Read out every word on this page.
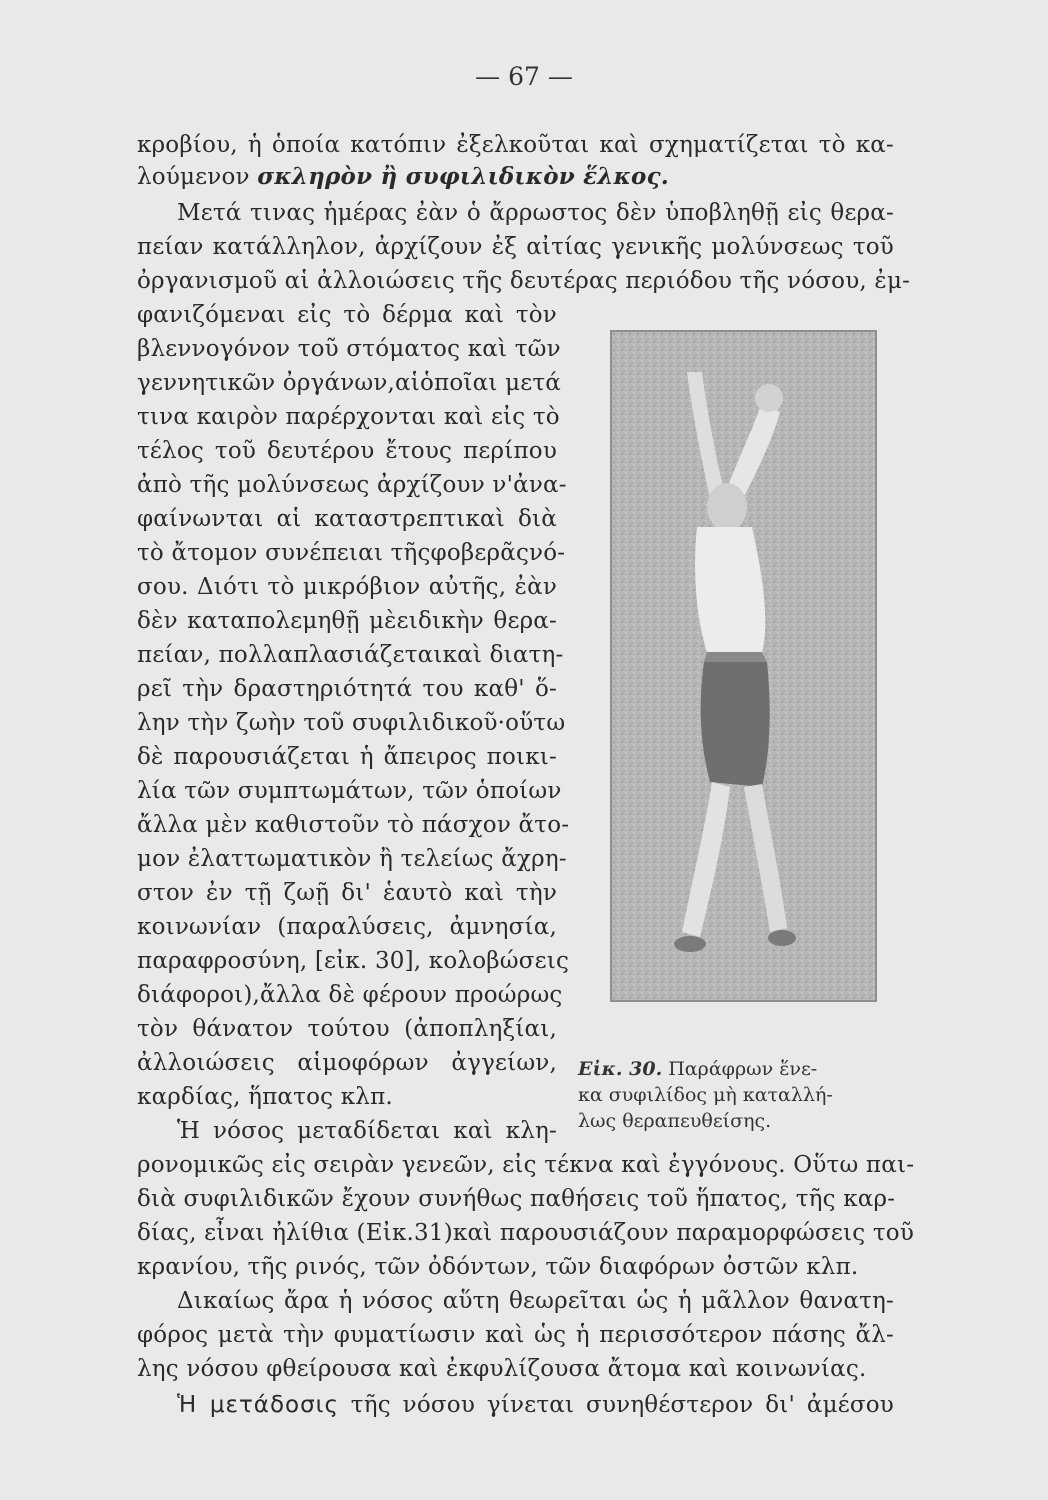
— 67 —
κροβίου, ἡ ὁποία κατόπιν ἐξελκοῦται καὶ σχηματίζεται τὸ κα-
λούμενον σκληρὸν ἢ συφιλιδικὸν ἕλκος.
Μετά τινας ἡμέρας ἐὰν ὁ ἄρρωστος δὲν ὑποβληθῇ εἰς θερα-
πείαν κατάλληλον, ἀρχίζουν ἐξ αἰτίας γενικῆς μολύνσεως τοῦ
ὀργανισμοῦ αἱ ἀλλοιώσεις τῆς δευτέρας περιόδου τῆς νόσου, ἐμ-
φανιζόμεναι εἰς τὸ δέρμα καὶ τὸν
βλεννογόνον τοῦ στόματος καὶ τῶν
γεννητικῶν ὀργάνων,αἱὁποῖαι μετά
τινα καιρὸν παρέρχονται καὶ εἰς τὸ
τέλος τοῦ δευτέρου ἔτους περίπου
ἀπὸ τῆς μολύνσεως ἀρχίζουν ν'ἀνα-
φαίνωνται αἱ καταστρεπτικαὶ διὰ
τὸ ἄτομον συνέπειαι τῆςφοβερᾶςνό-
σου. Διότι τὸ μικρόβιον αὐτῆς, ἐὰν
δὲν καταπολεμηθῇ μὲειδικὴν θερα-
πείαν, πολλαπλασιάζεταικαὶ διατη-
ρεῖ τὴν δραστηριότητά του καθ' ὅ-
λην τὴν ζωὴν τοῦ συφιλιδικοῦ·οὕτω
δὲ παρουσιάζεται ἡ ἄπειρος ποικι-
λία τῶν συμπτωμάτων, τῶν ὁποίων
ἄλλα μὲν καθιστοῦν τὸ πάσχον ἄτο-
μον ἐλαττωματικὸν ἢ τελείως ἄχρη-
στον ἐν τῇ ζωῇ δι' ἑαυτὸ καὶ τὴν
κοινωνίαν (παραλύσεις, ἀμνησία,
παραφροσύνη, [εἰκ. 30], κολοβώσεις
διάφοροι),ἄλλα δὲ φέρουν προώρως
τὸν θάνατον τούτου (ἀποπληξίαι,
ἀλλοιώσεις αἱμοφόρων ἀγγείων,
καρδίας, ἥπατος κλπ.
Ἡ νόσος μεταδίδεται καὶ κλη-
ρονομικῶς εἰς σειρὰν γενεῶν, εἰς τέκνα καὶ ἐγγόνους. Οὕτω παι-
διὰ συφιλιδικῶν ἔχουν συνήθως παθήσεις τοῦ ἥπατος, τῆς καρ-
δίας, εἶναι ἠλίθια (Εἰκ.31)καὶ παρουσιάζουν παραμορφώσεις τοῦ
κρανίου, τῆς ρινός, τῶν ὀδόντων, τῶν διαφόρων ὀστῶν κλπ.
Δικαίως ἄρα ἡ νόσος αὕτη θεωρεῖται ὡς ἡ μᾶλλον θανατη-
φόρος μετὰ τὴν φυματίωσιν καὶ ὡς ἡ περισσότερον πάσης ἄλ-
λης νόσου φθείρουσα καὶ ἐκφυλίζουσα ἄτομα καὶ κοινωνίας.
Ἡ μετάδοσις τῆς νόσου γίνεται συνηθέστερον δι' ἀμέσου
Εἰκ. 30. Παράφρων ἕνε-
κα συφιλίδος μὴ καταλλή-
λως θεραπευθείσης.
